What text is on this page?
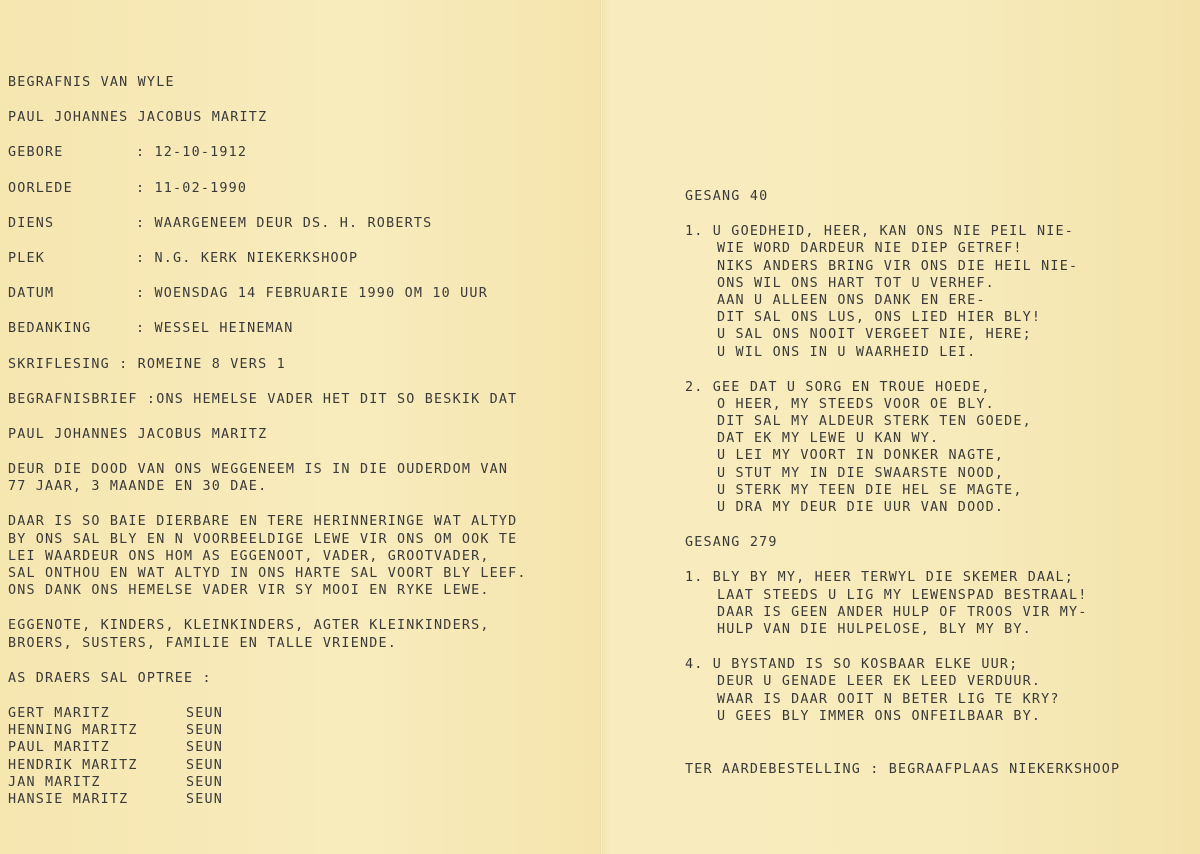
BEGRAFNIS VAN WYLE
PAUL JOHANNES JACOBUS MARITZ
GEBORE	: 12-10-1912
OORLEDE	: 11-02-1990
DIENS	: WAARGENEEM DEUR DS. H. ROBERTS
PLEK	: N.G. KERK NIEKERKSHOOP
DATUM	: WOENSDAG 14 FEBRUARIE 1990 OM 10 UUR
BEDANKING	: WESSEL HEINEMAN
SKRIFLESING : ROMEINE 8 VERS 1
BEGRAFNISBRIEF :ONS HEMELSE VADER HET DIT SO BESKIK DAT
PAUL JOHANNES JACOBUS MARITZ
DEUR DIE DOOD VAN ONS WEGGENEEM IS IN DIE OUDERDOM VAN
77 JAAR, 3 MAANDE EN 30 DAE.
DAAR IS SO BAIE DIERBARE EN TERE HERINNERINGE WAT ALTYD
BY ONS SAL BLY EN N VOORBEELDIGE LEWE VIR ONS OM OOK TE
LEI WAARDEUR ONS HOM AS EGGENOOT, VADER, GROOTVADER,
SAL ONTHOU EN WAT ALTYD IN ONS HARTE SAL VOORT BLY LEEF.
ONS DANK ONS HEMELSE VADER VIR SY MOOI EN RYKE LEWE.
EGGENOTE, KINDERS, KLEINKINDERS, AGTER KLEINKINDERS,
BROERS, SUSTERS, FAMILIE EN TALLE VRIENDE.
AS DRAERS SAL OPTREE :
GERT MARITZ	SEUN
HENNING MARITZ	SEUN
PAUL MARITZ	SEUN
HENDRIK MARITZ	SEUN
JAN MARITZ	SEUN
HANSIE MARITZ	SEUN
GESANG 40
1. U GOEDHEID, HEER, KAN ONS NIE PEIL NIE-
WIE WORD DARDEUR NIE DIEP GETREF!
NIKS ANDERS BRING VIR ONS DIE HEIL NIE-
ONS WIL ONS HART TOT U VERHEF.
AAN U ALLEEN ONS DANK EN ERE-
DIT SAL ONS LUS, ONS LIED HIER BLY!
U SAL ONS NOOIT VERGEET NIE, HERE;
U WIL ONS IN U WAARHEID LEI.
2. GEE DAT U SORG EN TROUE HOEDE,
O HEER, MY STEEDS VOOR OE BLY.
DIT SAL MY ALDEUR STERK TEN GOEDE,
DAT EK MY LEWE U KAN WY.
U LEI MY VOORT IN DONKER NAGTE,
U STUT MY IN DIE SWAARSTE NOOD,
U STERK MY TEEN DIE HEL SE MAGTE,
U DRA MY DEUR DIE UUR VAN DOOD.
GESANG 279
1. BLY BY MY, HEER TERWYL DIE SKEMER DAAL;
LAAT STEEDS U LIG MY LEWENSPAD BESTRAAL!
DAAR IS GEEN ANDER HULP OF TROOS VIR MY-
HULP VAN DIE HULPELOSE, BLY MY BY.
4. U BYSTAND IS SO KOSBAAR ELKE UUR;
DEUR U GENADE LEER EK LEED VERDUUR.
WAAR IS DAAR OOIT N BETER LIG TE KRY?
U GEES BLY IMMER ONS ONFEILBAAR BY.
TER AARDEBESTELLING : BEGRAAFPLAAS NIEKERKSHOOP
